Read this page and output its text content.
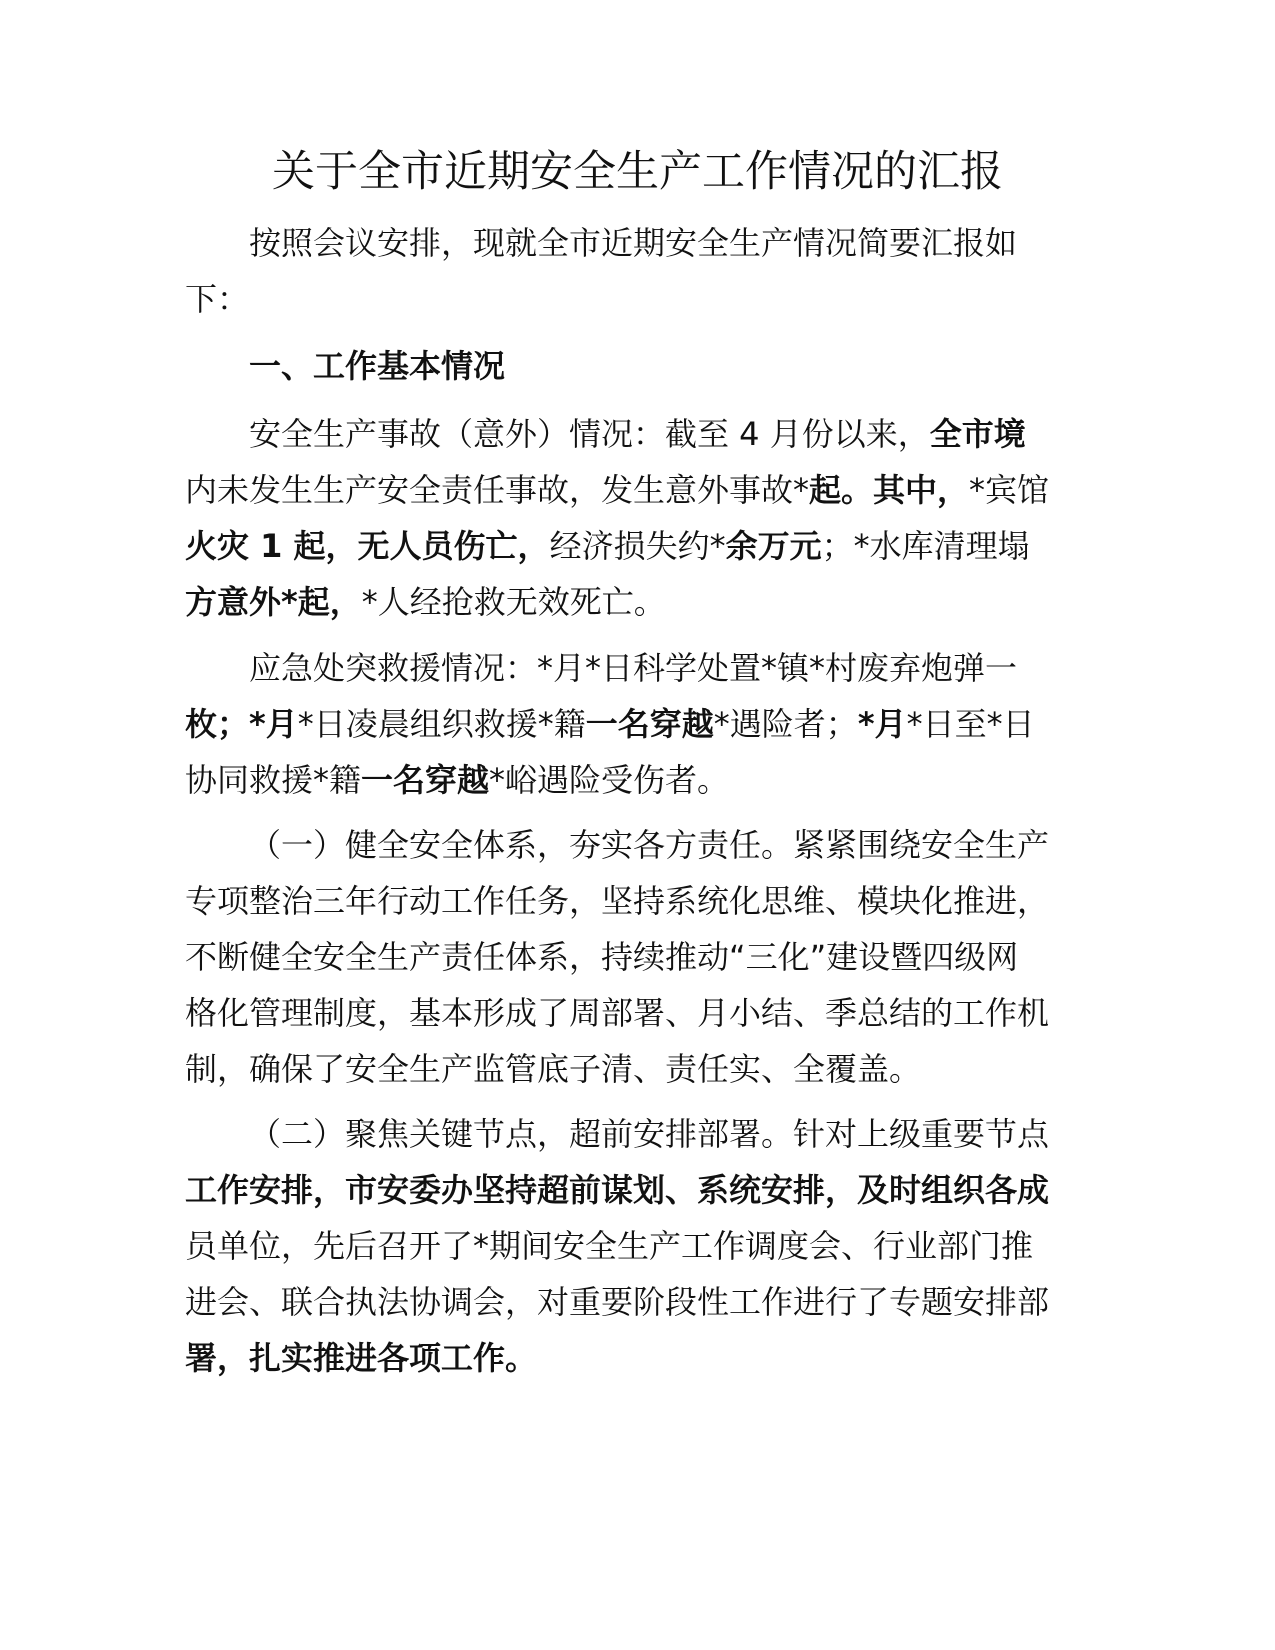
关于全市近期安全生产工作情况的汇报
按照会议安排，现就全市近期安全生产情况简要汇报如
下：
一、工作基本情况
安全生产事故（意外）情况：截至 4 月份以来，全市境
内未发生生产安全责任事故，发生意外事故*起。其中，*宾馆
火灾 1 起，无人员伤亡，经济损失约*余万元；*水库清理塌
方意外*起，*人经抢救无效死亡。
应急处突救援情况：*月*日科学处置*镇*村废弃炮弹一
枚；*月*日凌晨组织救援*籍一名穿越*遇险者；*月*日至*日
协同救援*籍一名穿越*峪遇险受伤者。
（一）健全安全体系，夯实各方责任。紧紧围绕安全生产
专项整治三年行动工作任务，坚持系统化思维、模块化推进，
不断健全安全生产责任体系，持续推动“三化”建设暨四级网
格化管理制度，基本形成了周部署、月小结、季总结的工作机
制，确保了安全生产监管底子清、责任实、全覆盖。
（二）聚焦关键节点，超前安排部署。针对上级重要节点
工作安排，市安委办坚持超前谋划、系统安排，及时组织各成
员单位，先后召开了*期间安全生产工作调度会、行业部门推
进会、联合执法协调会，对重要阶段性工作进行了专题安排部
署，扎实推进各项工作。
